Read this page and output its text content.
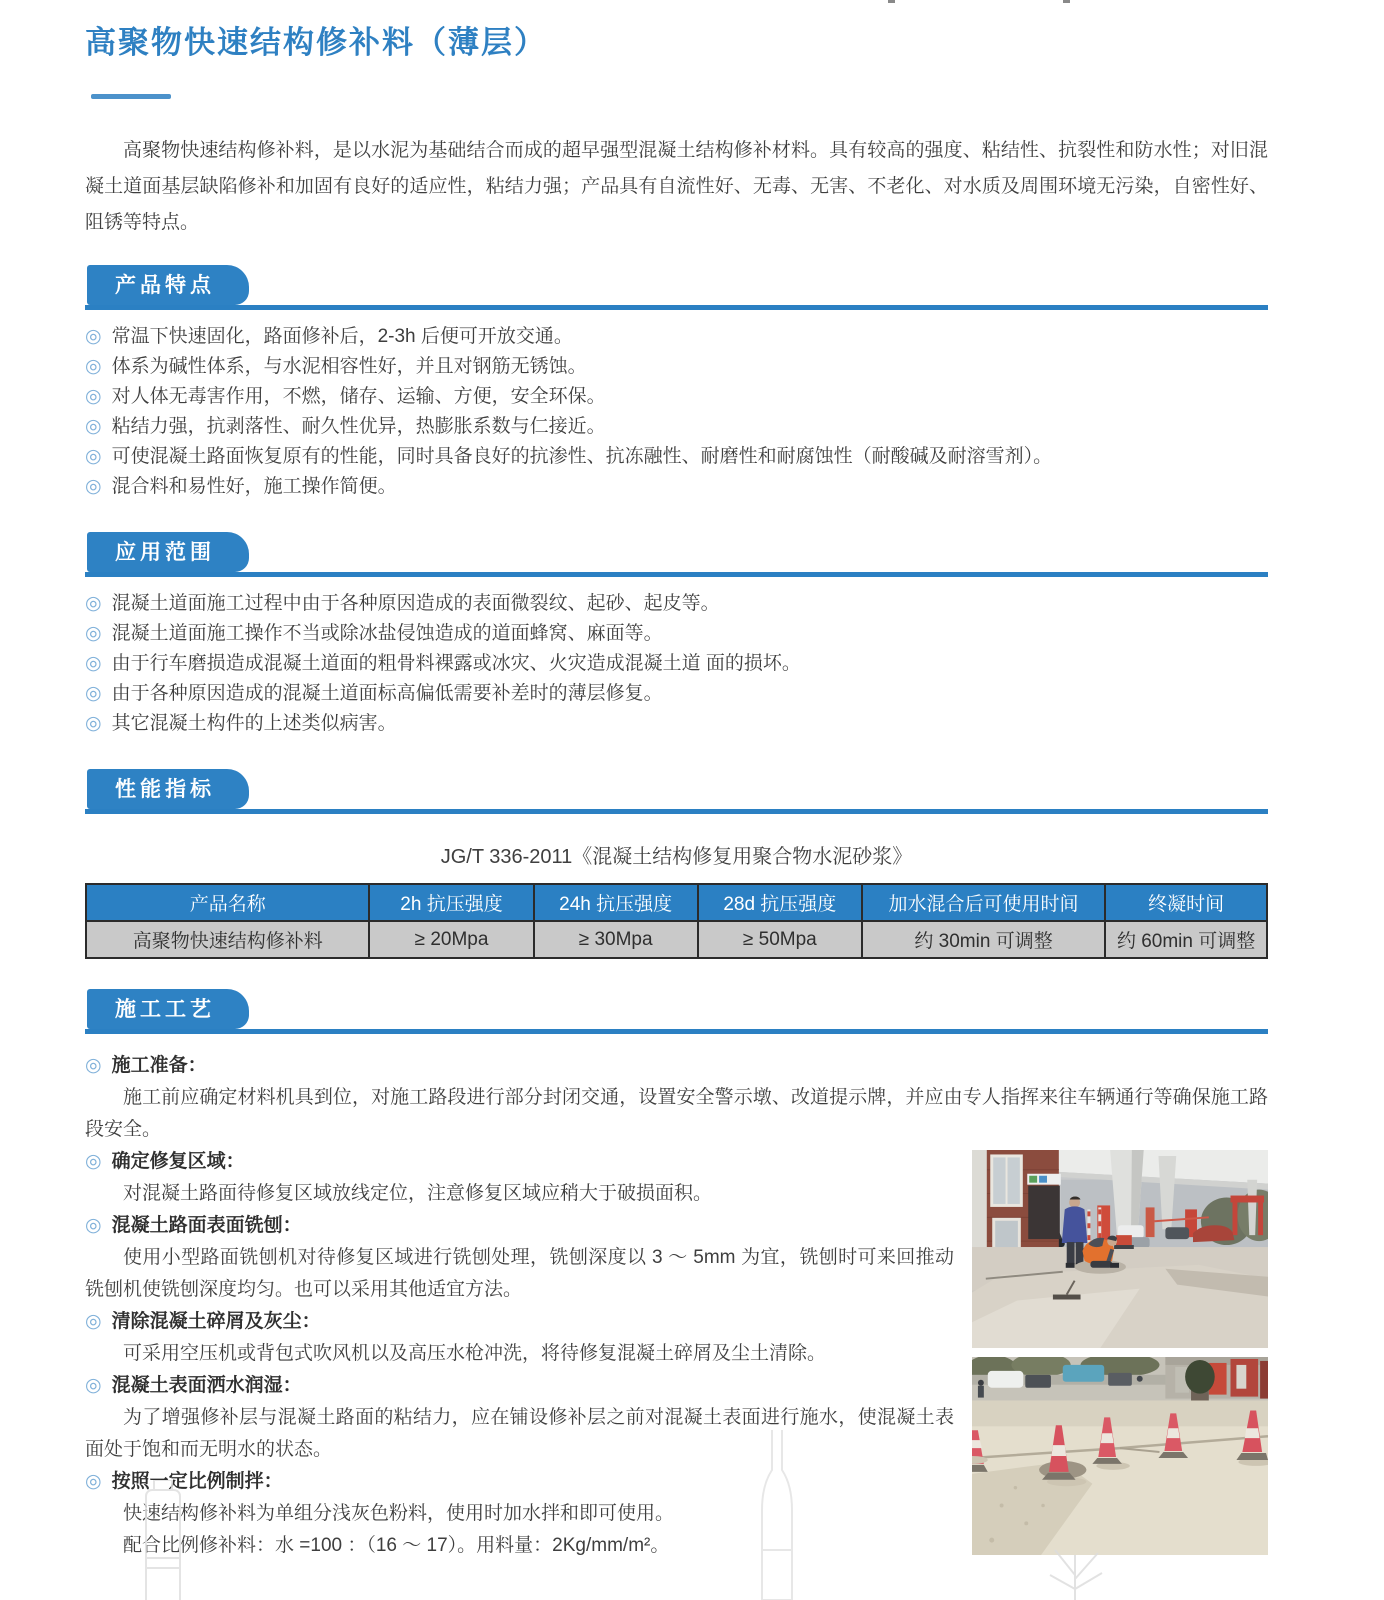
高聚物快速结构修补料（薄层）

高聚物快速结构修补料，是以水泥为基础结合而成的超早强型混凝土结构修补材料。具有较高的强度、粘结性、抗裂性和防水性；对旧混凝土道面基层缺陷修补和加固有良好的适应性，粘结力强；产品具有自流性好、无毒、无害、不老化、对水质及周围环境无污染，自密性好、阻锈等特点。

产品特点
◎ 常温下快速固化，路面修补后，2-3h 后便可开放交通。
◎ 体系为碱性体系，与水泥相容性好，并且对钢筋无锈蚀。
◎ 对人体无毒害作用，不燃，储存、运输、方便，安全环保。
◎ 粘结力强，抗剥落性、耐久性优异，热膨胀系数与仁接近。
◎ 可使混凝土路面恢复原有的性能，同时具备良好的抗渗性、抗冻融性、耐磨性和耐腐蚀性（耐酸碱及耐溶雪剂）。
◎ 混合料和易性好，施工操作简便。
应用范围
◎ 混凝土道面施工过程中由于各种原因造成的表面微裂纹、起砂、起皮等。
◎ 混凝土道面施工操作不当或除冰盐侵蚀造成的道面蜂窝、麻面等。
◎ 由于行车磨损造成混凝土道面的粗骨料裸露或冰灾、火灾造成混凝土道 面的损坏。
◎ 由于各种原因造成的混凝土道面标高偏低需要补差时的薄层修复。
◎ 其它混凝土构件的上述类似病害。
性能指标

JG/T 336-2011《混凝土结构修复用聚合物水泥砂浆》

产品名称	2h 抗压强度	24h 抗压强度	28d 抗压强度	加水混合后可使用时间	终凝时间
高聚物快速结构修补料	≥ 20Mpa	≥ 30Mpa	≥ 50Mpa	约 30min 可调整	约 60min 可调整
施工工艺
◎ 施工准备：

施工前应确定材料机具到位，对施工路段进行部分封闭交通，设置安全警示墩、改道提示牌，并应由专人指挥来往车辆通行等确保施工路段安全。

◎ 确定修复区域：

对混凝土路面待修复区域放线定位，注意修复区域应稍大于破损面积。

◎ 混凝土路面表面铣刨：

使用小型路面铣刨机对待修复区域进行铣刨处理，铣刨深度以 3 ～ 5mm 为宜，铣刨时可来回推动铣刨机使铣刨深度均匀。也可以采用其他适宜方法。

◎ 清除混凝土碎屑及灰尘：

可采用空压机或背包式吹风机以及高压水枪冲洗，将待修复混凝土碎屑及尘土清除。

◎ 混凝土表面洒水润湿：

为了增强修补层与混凝土路面的粘结力，应在铺设修补层之前对混凝土表面进行施水，使混凝土表面处于饱和而无明水的状态。

◎ 按照一定比例制拌：

快速结构修补料为单组分浅灰色粉料，使用时加水拌和即可使用。

配合比例修补料：水 =100 ：（16 ～ 17）。用料量：2Kg/mm/m²。
